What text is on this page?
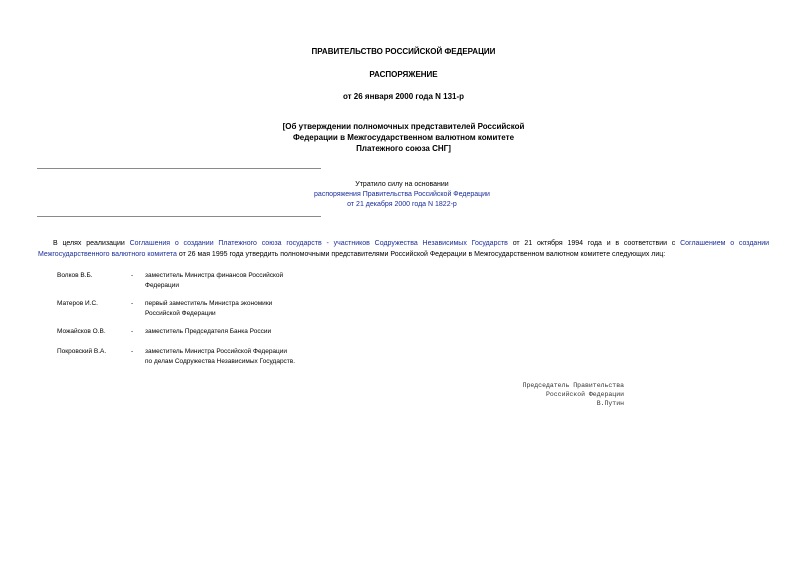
ПРАВИТЕЛЬСТВО РОССИЙСКОЙ ФЕДЕРАЦИИ
РАСПОРЯЖЕНИЕ
от 26 января 2000 года N 131-р
[Об утверждении полномочных представителей Российской
Федерации в Межгосударственном валютном комитете
Платежного союза СНГ]
Утратило силу на основании
распоряжения Правительства Российской Федерации
от 21 декабря 2000 года N 1822-р
В целях реализации Соглашения о создании Платежного союза государств - участников Содружества Независимых Государств от 21 октября 1994 года и в соответствии с Соглашением о создании Межгосударственного валютного комитета от 26 мая 1995 года утвердить полномочными представителями Российской Федерации в Межгосударственном валютном комитете следующих лиц:
Волков В.Б.	- заместитель Министра финансов Российской
Федерации
Матеров И.С.	- первый заместитель Министра экономики
Российской Федерации
Можайсков О.В.	- заместитель Председателя Банка России
Покровский В.А.	- заместитель Министра Российской Федерации
по делам Содружества Независимых Государств.
Председатель Правительства
Российской Федерации
В.Путин
